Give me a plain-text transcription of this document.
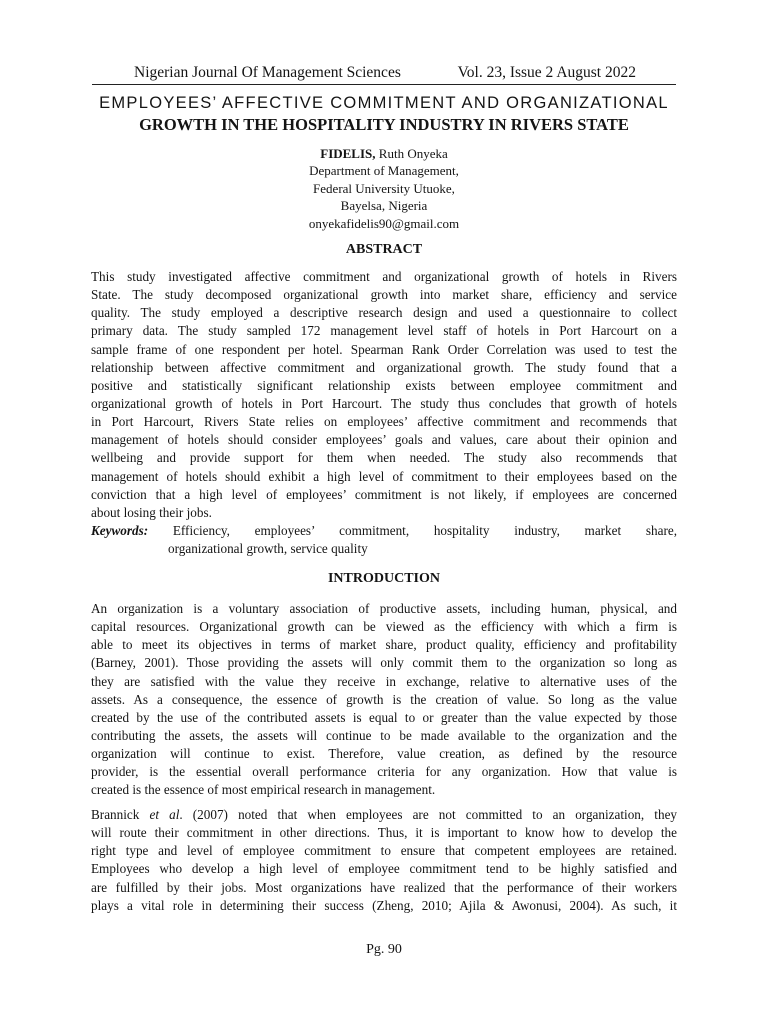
Nigerian Journal Of Management Sciences	Vol. 23, Issue 2 August 2022
EMPLOYEES’ AFFECTIVE COMMITMENT AND ORGANIZATIONAL
GROWTH IN THE HOSPITALITY INDUSTRY IN RIVERS STATE
FIDELIS, Ruth Onyeka
Department of Management,
Federal University Utuoke,
Bayelsa, Nigeria
onyekafidelis90@gmail.com
ABSTRACT
This study investigated affective commitment and organizational growth of hotels in Rivers
State. The study decomposed organizational growth into market share, efficiency and service
quality. The study employed a descriptive research design and used a questionnaire to collect
primary data. The study sampled 172 management level staff of hotels in Port Harcourt on a
sample frame of one respondent per hotel. Spearman Rank Order Correlation was used to test the
relationship between affective commitment and organizational growth. The study found that a
positive and statistically significant relationship exists between employee commitment and
organizational growth of hotels in Port Harcourt. The study thus concludes that growth of hotels
in Port Harcourt, Rivers State relies on employees’ affective commitment and recommends that
management of hotels should consider employees’ goals and values, care about their opinion and
wellbeing and provide support for them when needed. The study also recommends that
management of hotels should exhibit a high level of commitment to their employees based on the
conviction that a high level of employees’ commitment is not likely, if employees are concerned
about losing their jobs.
Keywords: Efficiency, employees’ commitment, hospitality industry, market share,
organizational growth, service quality
INTRODUCTION
An organization is a voluntary association of productive assets, including human, physical, and
capital resources. Organizational growth can be viewed as the efficiency with which a firm is
able to meet its objectives in terms of market share, product quality, efficiency and profitability
(Barney, 2001). Those providing the assets will only commit them to the organization so long as
they are satisfied with the value they receive in exchange, relative to alternative uses of the
assets. As a consequence, the essence of growth is the creation of value. So long as the value
created by the use of the contributed assets is equal to or greater than the value expected by those
contributing the assets, the assets will continue to be made available to the organization and the
organization will continue to exist. Therefore, value creation, as defined by the resource
provider, is the essential overall performance criteria for any organization. How that value is
created is the essence of most empirical research in management.
Brannick et al. (2007) noted that when employees are not committed to an organization, they
will route their commitment in other directions. Thus, it is important to know how to develop the
right type and level of employee commitment to ensure that competent employees are retained.
Employees who develop a high level of employee commitment tend to be highly satisfied and
are fulfilled by their jobs. Most organizations have realized that the performance of their workers
plays a vital role in determining their success (Zheng, 2010; Ajila & Awonusi, 2004). As such, it
Pg. 90
